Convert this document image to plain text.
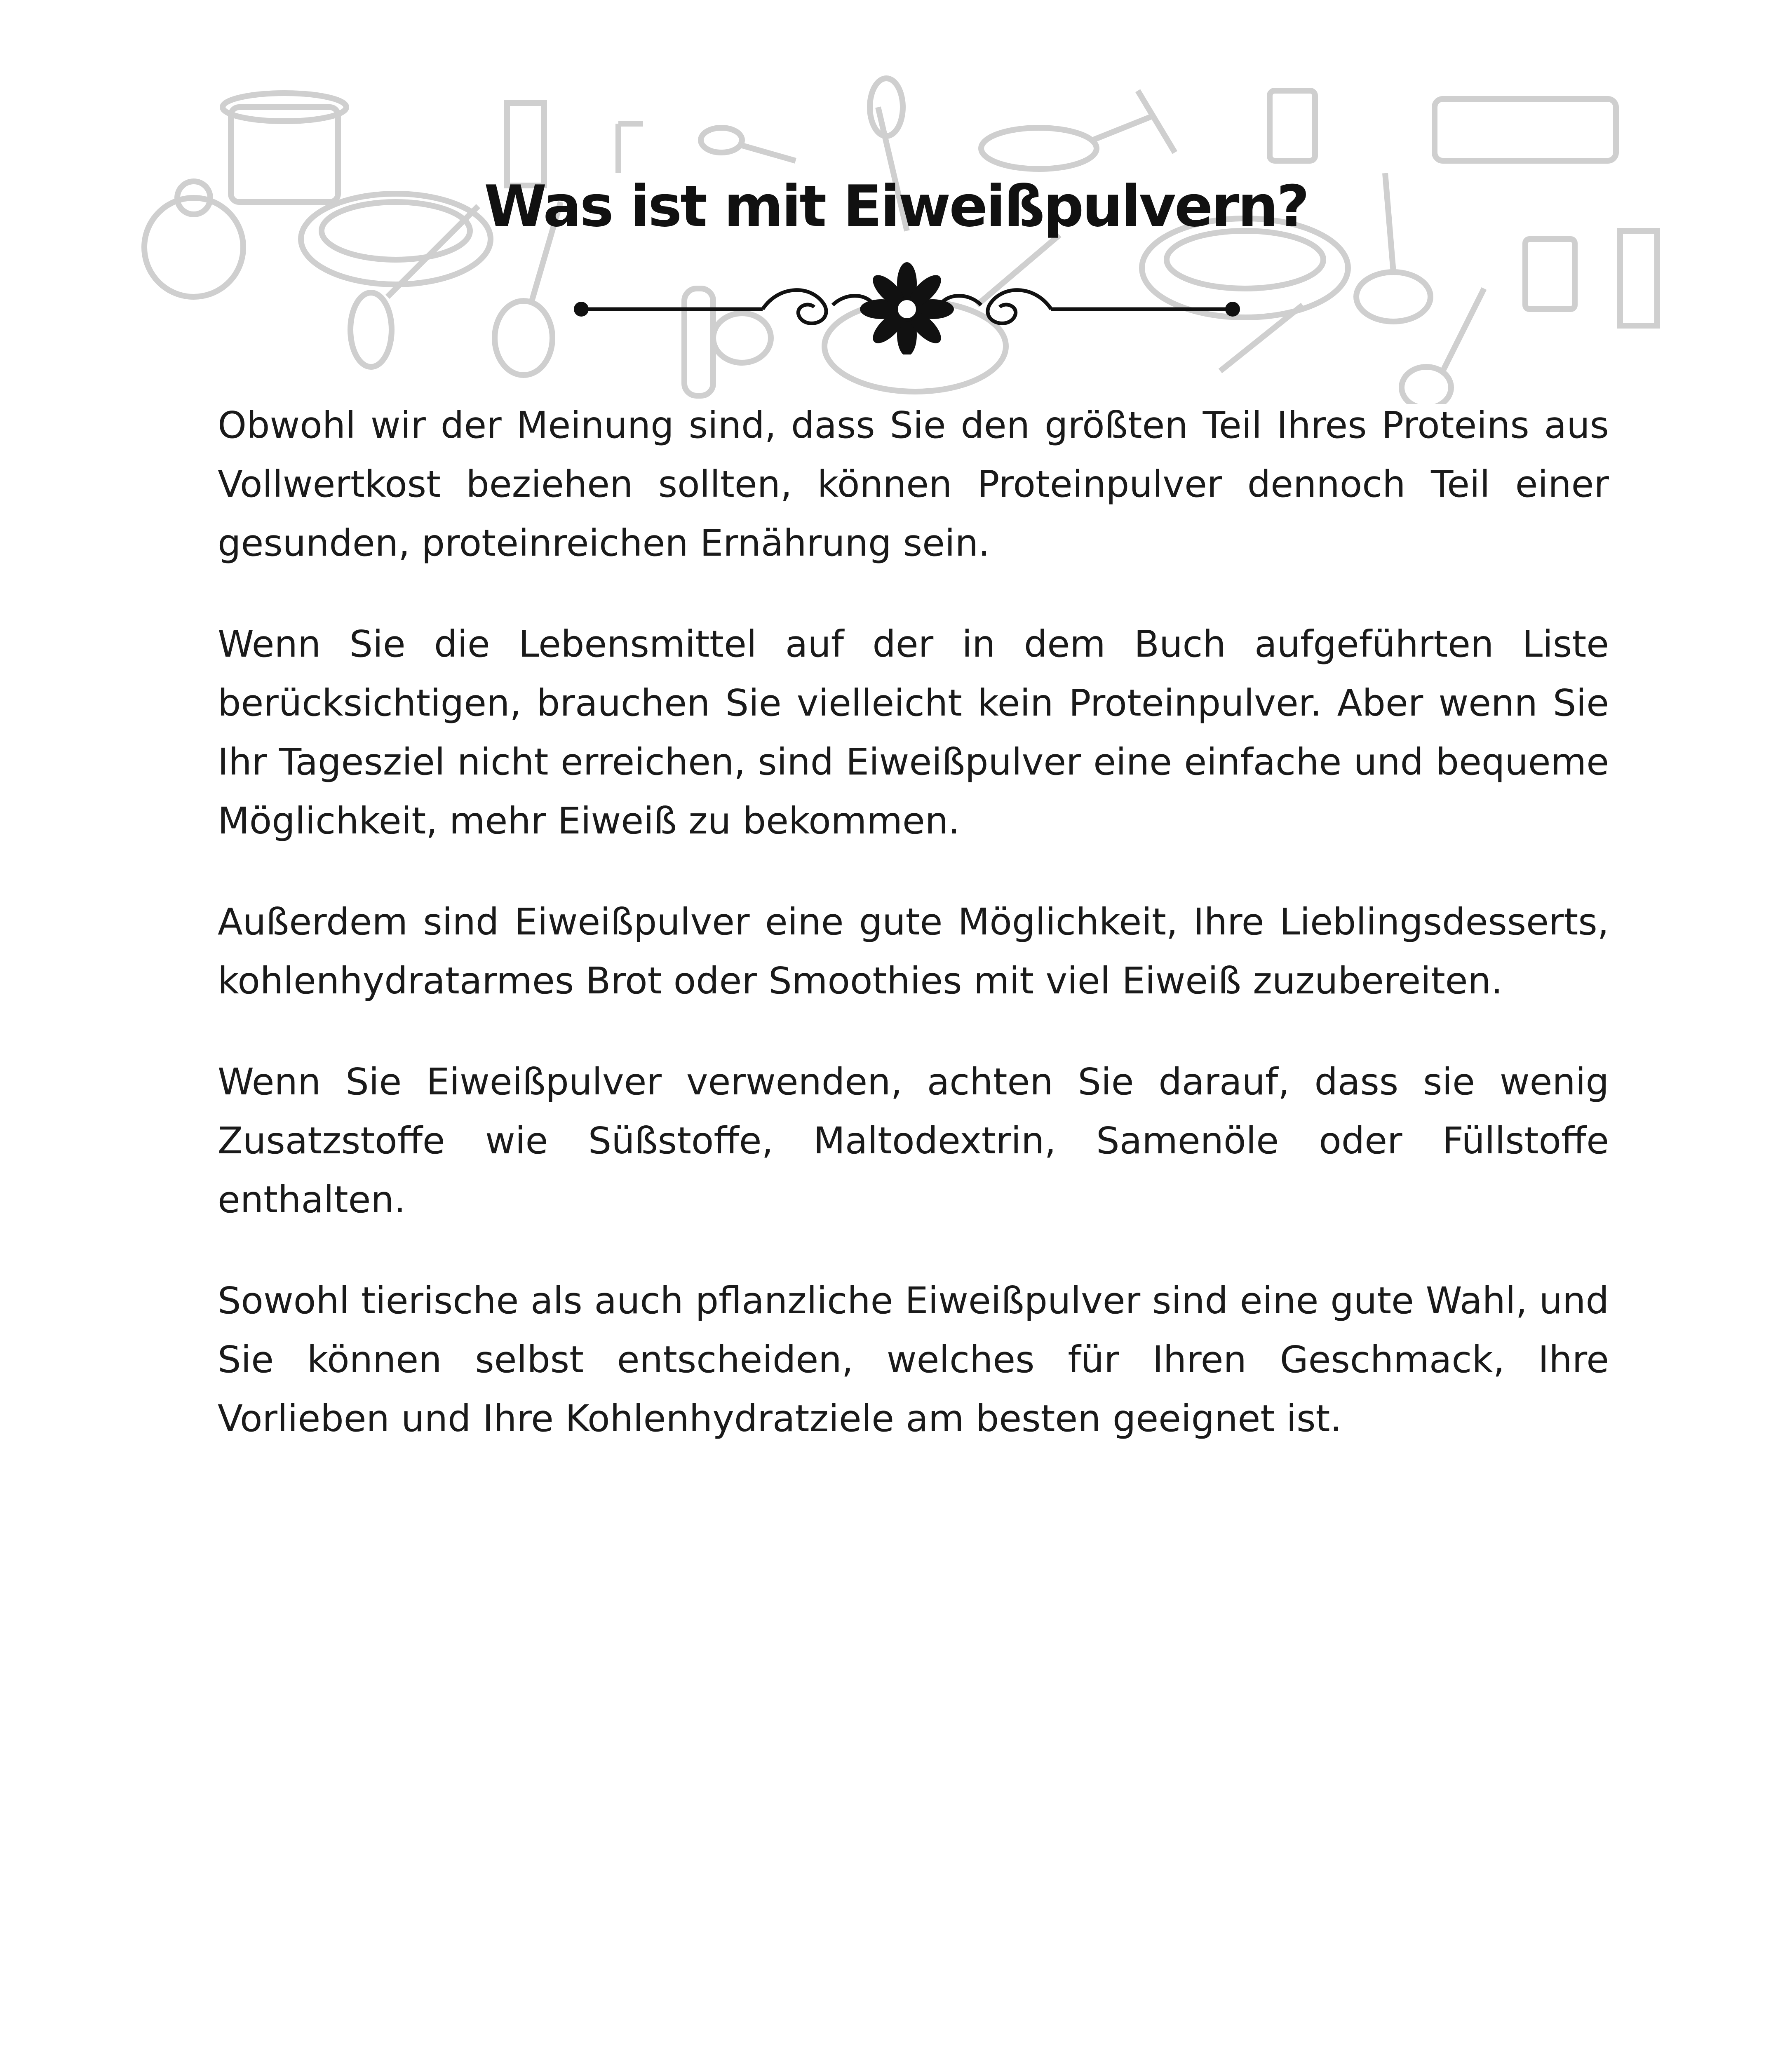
Was ist mit Eiweißpulvern?

Obwohl wir der Meinung sind, dass Sie den größten Teil Ihres Proteins aus Vollwertkost beziehen sollten, können Proteinpulver dennoch Teil einer gesunden, proteinreichen Ernährung sein.

Wenn Sie die Lebensmittel auf der in dem Buch aufgeführten Liste berücksichtigen, brauchen Sie vielleicht kein Proteinpulver. Aber wenn Sie Ihr Tagesziel nicht erreichen, sind Eiweißpulver eine einfache und bequeme Möglichkeit, mehr Eiweiß zu bekommen.

Außerdem sind Eiweißpulver eine gute Möglichkeit, Ihre Lieblingsdesserts, kohlenhydratarmes Brot oder Smoothies mit viel Eiweiß zuzubereiten.

Wenn Sie Eiweißpulver verwenden, achten Sie darauf, dass sie wenig Zusatzstoffe wie Süßstoffe, Maltodextrin, Samenöle oder Füllstoffe enthalten.

Sowohl tierische als auch pflanzliche Eiweißpulver sind eine gute Wahl, und Sie können selbst entscheiden, welches für Ihren Geschmack, Ihre Vorlieben und Ihre Kohlenhydratziele am besten geeignet ist.
